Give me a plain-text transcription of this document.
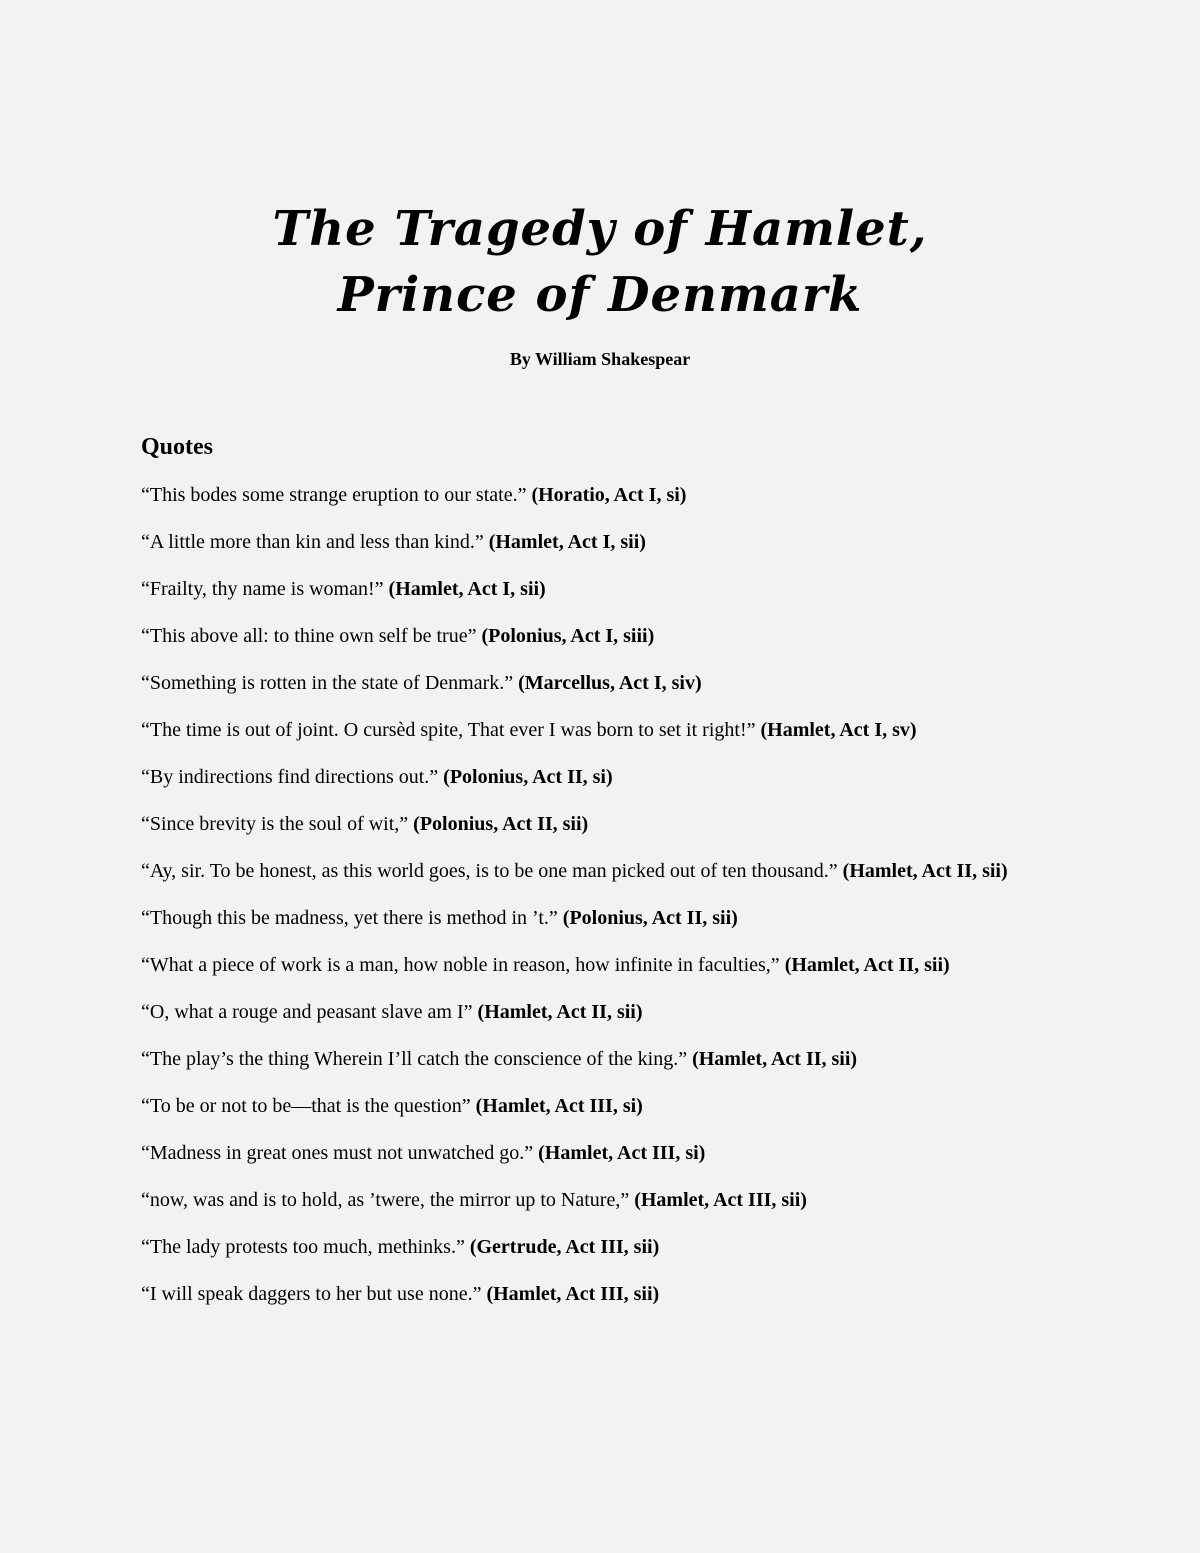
The Tragedy of Hamlet, Prince of Denmark

By William Shakespear

Quotes
“This bodes some strange eruption to our state.” (Horatio, Act I, si)
“A little more than kin and less than kind.” (Hamlet, Act I, sii)
“Frailty, thy name is woman!” (Hamlet, Act I, sii)
“This above all: to thine own self be true” (Polonius, Act I, siii)
“Something is rotten in the state of Denmark.” (Marcellus, Act I, siv)
“The time is out of joint. O cursèd spite, That ever I was born to set it right!” (Hamlet, Act I, sv)
“By indirections find directions out.” (Polonius, Act II, si)
“Since brevity is the soul of wit,” (Polonius, Act II, sii)
“Ay, sir. To be honest, as this world goes, is to be one man picked out of ten thousand.” (Hamlet, Act II, sii)
“Though this be madness, yet there is method in ’t.” (Polonius, Act II, sii)
“What a piece of work is a man, how noble in reason, how infinite in faculties,” (Hamlet, Act II, sii)
“O, what a rouge and peasant slave am I” (Hamlet, Act II, sii)
“The play’s the thing Wherein I’ll catch the conscience of the king.” (Hamlet, Act II, sii)
“To be or not to be—that is the question” (Hamlet, Act III, si)
“Madness in great ones must not unwatched go.” (Hamlet, Act III, si)
“now, was and is to hold, as ’twere, the mirror up to Nature,” (Hamlet, Act III, sii)
“The lady protests too much, methinks.” (Gertrude, Act III, sii)
“I will speak daggers to her but use none.” (Hamlet, Act III, sii)
